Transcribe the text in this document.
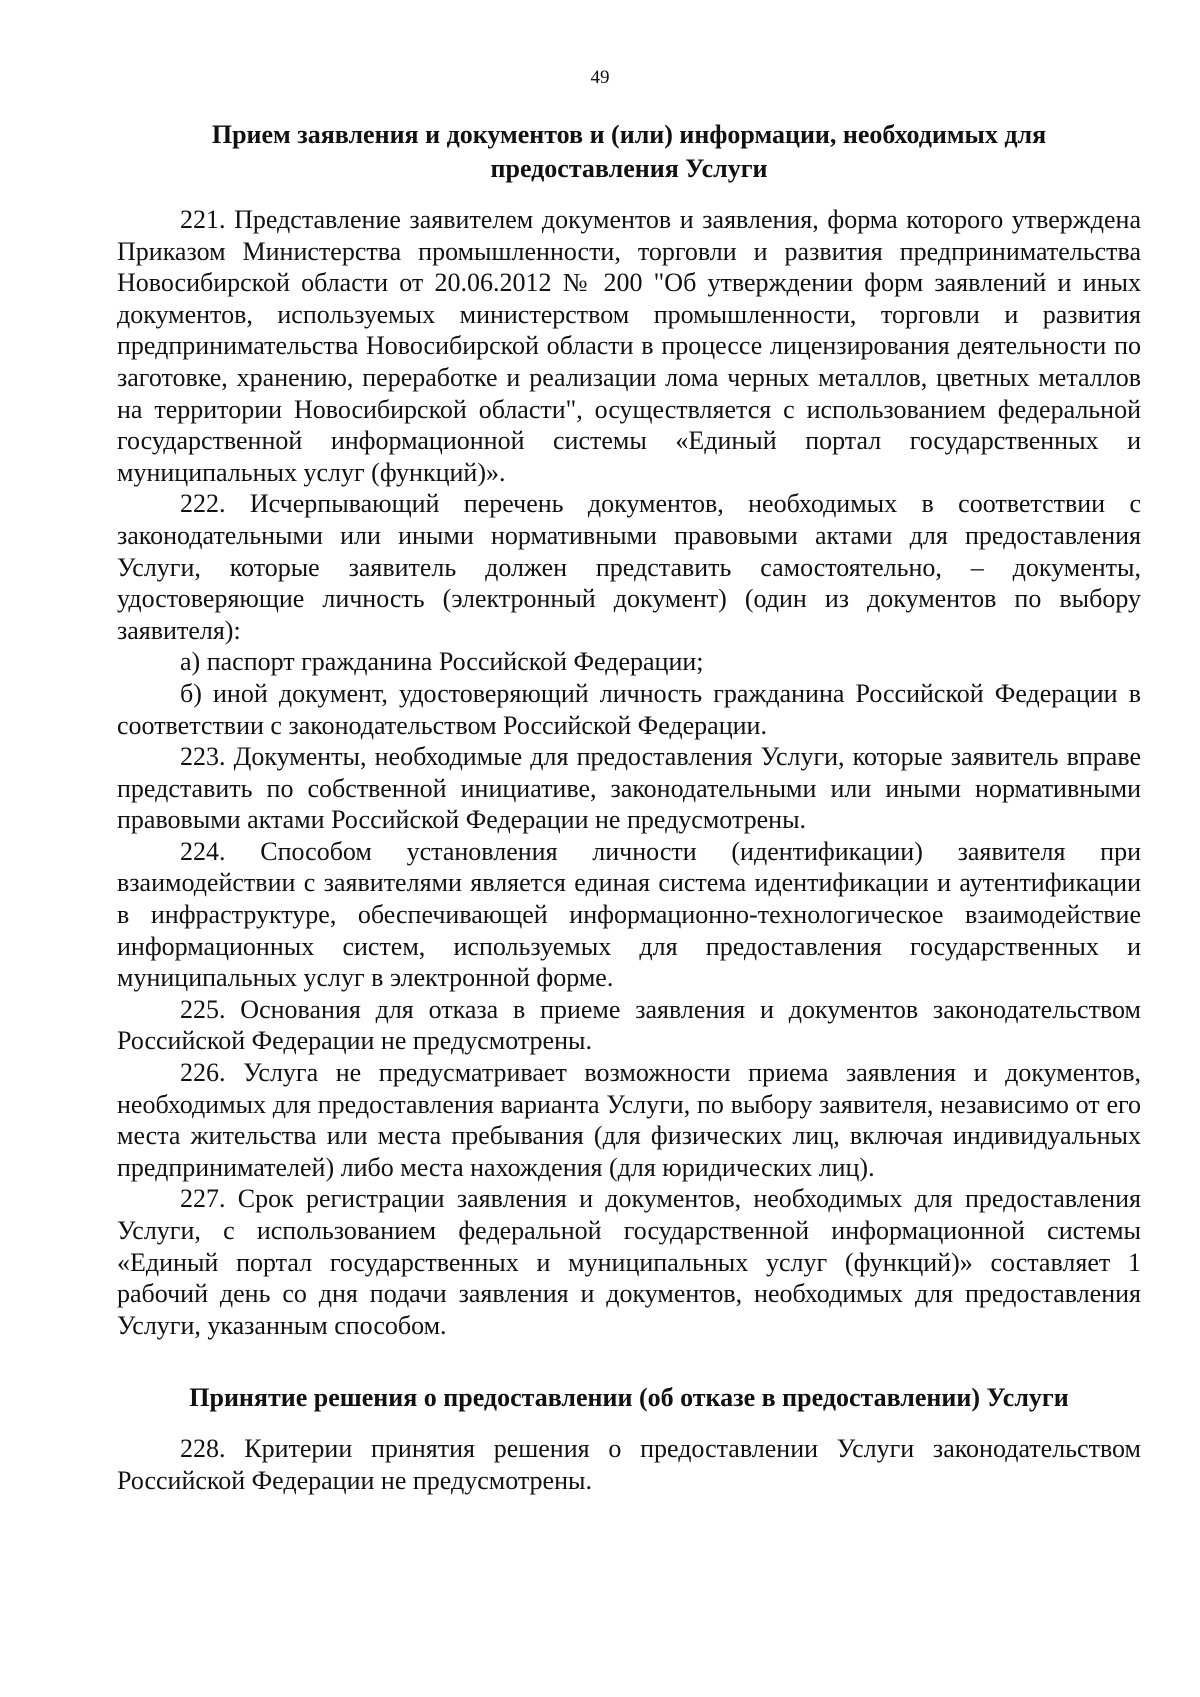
49
Прием заявления и документов и (или) информации, необходимых для предоставления Услуги

221. Представление заявителем документов и заявления, форма которого утверждена Приказом Министерства промышленности, торговли и развития предпринимательства Новосибирской области от 20.06.2012 № 200 "Об утверждении форм заявлений и иных документов, используемых министерством промышленности, торговли и развития предпринимательства Новосибирской области в процессе лицензирования деятельности по заготовке, хранению, переработке и реализации лома черных металлов, цветных металлов на территории Новосибирской области", осуществляется с использованием федеральной государственной информационной системы «Единый портал государственных и муниципальных услуг (функций)».

222. Исчерпывающий перечень документов, необходимых в соответствии с законодательными или иными нормативными правовыми актами для предоставления Услуги, которые заявитель должен представить самостоятельно, – документы, удостоверяющие личность (электронный документ) (один из документов по выбору заявителя):

а) паспорт гражданина Российской Федерации;

б) иной документ, удостоверяющий личность гражданина Российской Федерации в соответствии с законодательством Российской Федерации.

223. Документы, необходимые для предоставления Услуги, которые заявитель вправе представить по собственной инициативе, законодательными или иными нормативными правовыми актами Российской Федерации не предусмотрены.

224. Способом установления личности (идентификации) заявителя при взаимодействии с заявителями является единая система идентификации и аутентификации в инфраструктуре, обеспечивающей информационно-технологическое взаимодействие информационных систем, используемых для предоставления государственных и муниципальных услуг в электронной форме.

225. Основания для отказа в приеме заявления и документов законодательством Российской Федерации не предусмотрены.

226. Услуга не предусматривает возможности приема заявления и документов, необходимых для предоставления варианта Услуги, по выбору заявителя, независимо от его места жительства или места пребывания (для физических лиц, включая индивидуальных предпринимателей) либо места нахождения (для юридических лиц).

227. Срок регистрации заявления и документов, необходимых для предоставления Услуги, с использованием федеральной государственной информационной системы «Единый портал государственных и муниципальных услуг (функций)» составляет 1 рабочий день со дня подачи заявления и документов, необходимых для предоставления Услуги, указанным способом.

Принятие решения о предоставлении (об отказе в предоставлении) Услуги

228. Критерии принятия решения о предоставлении Услуги законодательством Российской Федерации не предусмотрены.
